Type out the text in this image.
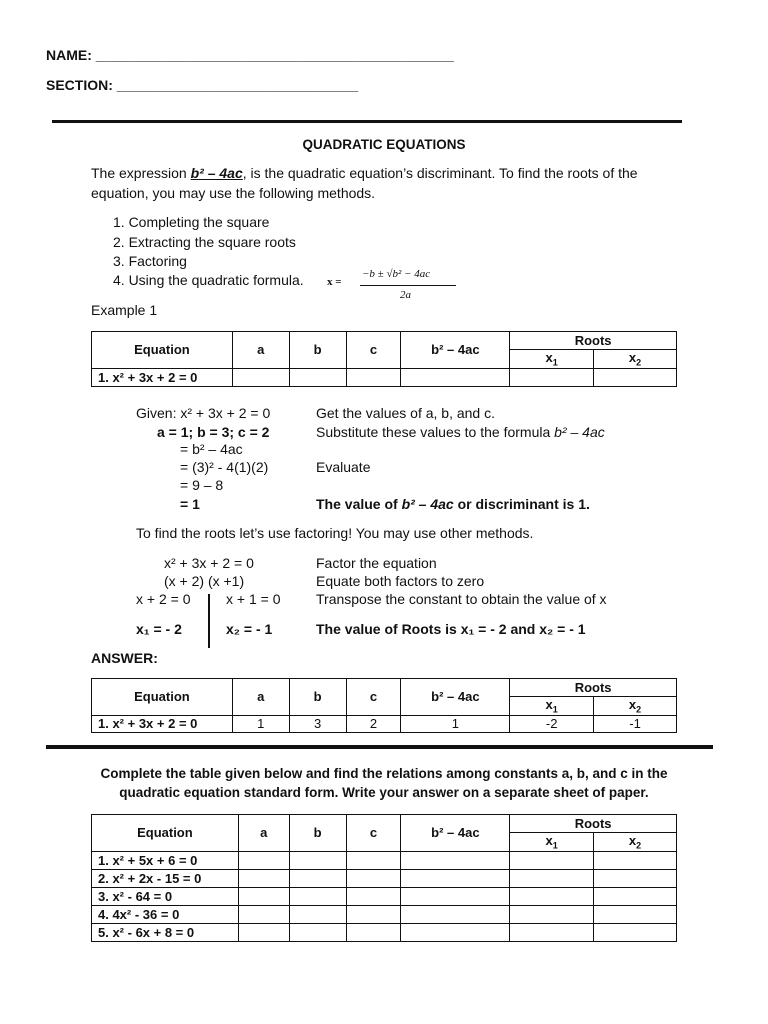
NAME: ______________________________________________
SECTION: _______________________________
QUADRATIC EQUATIONS
The expression b² – 4ac, is the quadratic equation’s discriminant. To find the roots of the
equation, you may use the following methods.
1. Completing the square
2. Extracting the square roots
3. Factoring
4. Using the quadratic formula. x =
−b ± √b² − 4ac
2a
Example 1
Equation	a	b	c	b² – 4ac	Roots	
					$x_1$	$x_2$
1. x² + 3x + 2 = 0						
Given: x² + 3x + 2 = 0
a = 1; b = 3; c = 2
= b² – 4ac
= (3)² - 4(1)(2)
= 9 – 8
= 1
Get the values of a, b, and c.
Substitute these values to the formula b² – 4ac
Evaluate
The value of b² – 4ac or discriminant is 1.
To find the roots let’s use factoring! You may use other methods.
x² + 3x + 2 = 0
(x + 2) (x +1)
x + 2 = 0	x + 1 = 0
x₁ = - 2	x₂ = - 1
Factor the equation
Equate both factors to zero
Transpose the constant to obtain the value of x
The value of Roots is x₁ = - 2 and x₂ = - 1
ANSWER:
Equation	a	b	c	b² – 4ac	Roots	
					$x_1$	$x_2$
1. x² + 3x + 2 = 0	1	3	2	1	-2	-1
Complete the table given below and find the relations among constants a, b, and c in the
quadratic equation standard form. Write your answer on a separate sheet of paper.
Equation	a	b	c	b² – 4ac	Roots	
					$x_1$	$x_2$
1. x² + 5x + 6 = 0						
2. x² + 2x - 15 = 0						
3. x² - 64 = 0						
4. 4x² - 36 = 0						
5. x² - 6x + 8 = 0						
